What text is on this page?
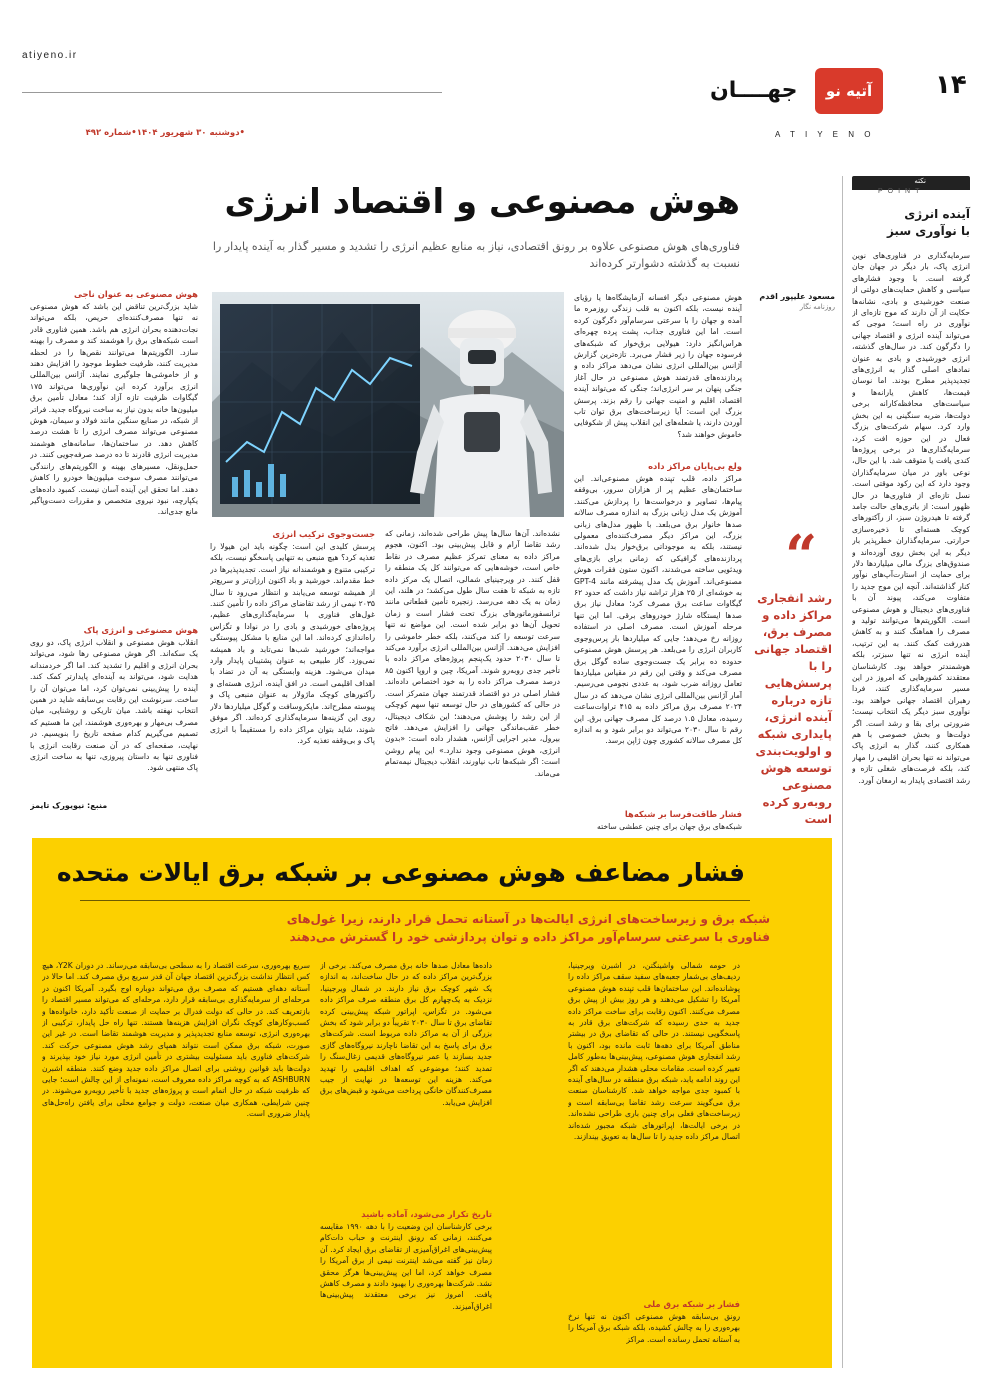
atiyeno.ir
•دوشنبه ۳۰ شهریور ۱۴۰۴•شماره ۴۹۲
۱۴
آتیه نو
جهــــان
A T I Y E N O
نکته
POINT
آینده انرژی
با نوآوری سبز
سرمایه‌گذاری در فناوری‌های نوین انرژی پاک، بار دیگر در جهان جان گرفته است. با وجود فشارهای سیاسی و کاهش حمایت‌های دولتی از صنعت خورشیدی و بادی، نشانه‌ها حکایت از آن دارند که موج تازه‌ای از نوآوری در راه است؛ موجی که می‌تواند آینده انرژی و اقتصاد جهانی را دگرگون کند. در سال‌های گذشته، انرژی خورشیدی و بادی به عنوان نمادهای اصلی گذار به انرژی‌های تجدیدپذیر مطرح بودند. اما نوسان قیمت‌ها، کاهش یارانه‌ها و سیاست‌های محافظه‌کارانه برخی دولت‌ها، ضربه سنگینی به این بخش وارد کرد. سهام شرکت‌های بزرگ فعال در این حوزه افت کرد، سرمایه‌گذاری‌ها در برخی پروژه‌ها کندی یافت یا متوقف شد. با این حال، نوعی باور در میان سرمایه‌گذاران وجود دارد که این رکود موقتی است. نسل تازه‌ای از فناوری‌ها در حال ظهور است: از باتری‌های حالت جامد گرفته تا هیدروژن سبز، از رآکتورهای کوچک هسته‌ای تا ذخیره‌سازی حرارتی. سرمایه‌گذاران خطرپذیر بار دیگر به این بخش روی آورده‌اند و صندوق‌های بزرگ مالی میلیاردها دلار برای حمایت از استارت‌آپ‌های نوآور کنار گذاشته‌اند. آنچه این موج جدید را متفاوت می‌کند، پیوند آن با فناوری‌های دیجیتال و هوش مصنوعی است. الگوریتم‌ها می‌توانند تولید و مصرف را هماهنگ کنند و به کاهش هدررفت کمک کنند. به این ترتیب، آینده انرژی نه تنها سبزتر، بلکه هوشمندتر خواهد بود. کارشناسان معتقدند کشورهایی که امروز در این مسیر سرمایه‌گذاری کنند، فردا رهبران اقتصاد جهانی خواهند بود. نوآوری سبز دیگر یک انتخاب نیست؛ ضرورتی برای بقا و رشد است. اگر دولت‌ها و بخش خصوصی با هم همکاری کنند، گذار به انرژی پاک می‌تواند نه تنها بحران اقلیمی را مهار کند، بلکه فرصت‌های شغلی تازه و رشد اقتصادی پایدار به ارمغان آورد.
هوش مصنوعی و اقتصاد انرژی
فناوری‌های هوش مصنوعی علاوه بر رونق اقتصادی، نیاز به منابع عظیم انرژی را تشدید و مسیر گذار به آینده پایدار را نسبت به گذشته دشوارتر کرده‌اند
مسعود علیپور اقدم
روزنامه نگار
“
رشد انفجاری مراکز داده و مصرف برق، اقتصاد جهانی را با پرسش‌هایی تازه درباره آینده انرژی، پایداری شبکه و اولویت‌بندی توسعه هوش مصنوعی روبه‌رو کرده است
هوش مصنوعی دیگر افسانه آزمایشگاه‌ها یا رؤیای آینده نیست، بلکه اکنون به قلب زندگی روزمره ما آمده و جهان را با سرعتی سرسام‌آور دگرگون کرده است. اما این فناوری جذاب، پشت پرده چهره‌ای هراس‌انگیز دارد: هیولایی برق‌خوار که شبکه‌های فرسوده جهان را زیر فشار می‌برد. تازه‌ترین گزارش آژانس بین‌المللی انرژی نشان می‌دهد مراکز داده و پردازنده‌های قدرتمند هوش مصنوعی در حال آغاز جنگی پنهان بر سر انرژی‌اند؛ جنگی که می‌تواند آینده اقتصاد، اقلیم و امنیت جهانی را رقم بزند. پرسش بزرگ این است: آیا زیرساخت‌های برق توان تاب آوردن دارند، یا شعله‌های این انقلاب پیش از شکوفایی خاموش خواهند شد؟
ولع بی‌پایان مراکز داده
مراکز داده، قلب تپنده هوش مصنوعی‌اند. این ساختمان‌های عظیم پر از هزاران سرور، بی‌وقفه پیام‌ها، تصاویر و درخواست‌ها را پردازش می‌کنند. آموزش یک مدل زبانی بزرگ به اندازه مصرف سالانه صدها خانوار برق می‌بلعد. با ظهور مدل‌های زبانی بزرگ، این مراکز دیگر مصرف‌کننده‌ای معمولی نیستند، بلکه به موجوداتی برق‌خوار بدل شده‌اند. پردازنده‌های گرافیکی که زمانی برای بازی‌های ویدئویی ساخته می‌شدند، اکنون ستون فقرات هوش مصنوعی‌اند. آموزش یک مدل پیشرفته مانند GPT-4 به خوشه‌ای از ۲۵ هزار تراشه نیاز داشت که حدود ۶۲ گیگاوات ساعت برق مصرف کرد؛ معادل نیاز برق صدها ایستگاه شارژ خودروهای برقی. اما این تنها مرحله آموزش است. مصرف اصلی در استفاده روزانه رخ می‌دهد؛ جایی که میلیاردها بار پرس‌وجوی کاربران انرژی را می‌بلعد. هر پرسش هوش مصنوعی حدوده ده برابر یک جست‌وجوی ساده گوگل برق مصرف می‌کند و وقتی این رقم در مقیاس میلیاردها تعامل روزانه ضرب شود، به عددی نجومی می‌رسیم. آمار آژانس بین‌المللی انرژی نشان می‌دهد که در سال ۲۰۲۴ مصرف برق مراکز داده به ۴۱۵ تراوات‌ساعت رسیده، معادل ۱.۵ درصد کل مصرف جهانی برق. این رقم تا سال ۲۰۳۰ می‌تواند دو برابر شود و به اندازه کل مصرف سالانه کشوری چون ژاپن برسد.
فشار طاقت‌فرسا بر شبکه‌ها
شبکه‌های برق جهان برای چنین عطشی ساخته
نشده‌اند. آن‌ها سال‌ها پیش طراحی شده‌اند، زمانی که رشد تقاضا آرام و قابل پیش‌بینی بود. اکنون، هجوم مراکز داده به معنای تمرکز عظیم مصرف در نقاط خاص است، خوشه‌هایی که می‌توانند کل یک منطقه را قفل کنند. در ویرجینیای شمالی، اتصال یک مرکز داده تازه به شبکه تا هفت سال طول می‌کشد؛ در هلند، این زمان به یک دهه می‌رسد. زنجیره تأمین قطعاتی مانند ترانسفورماتورهای بزرگ تحت فشار است و زمان تحویل آن‌ها دو برابر شده است. این مواضع نه تنها سرعت توسعه را کند می‌کنند، بلکه خطر خاموشی را افزایش می‌دهند. آژانس بین‌المللی انرژی برآورد می‌کند تا سال ۲۰۳۰ حدود یک‌پنجم پروژه‌های مراکز داده با تأخیر جدی روبه‌رو شوند. آمریکا، چین و اروپا اکنون ۸۵ درصد مصرف مراکز داده را به خود اختصاص داده‌اند. فشار اصلی در دو اقتصاد قدرتمند جهان متمرکز است. در حالی که کشورهای در حال توسعه تنها سهم کوچکی از این رشد را پوشش می‌دهند؛ این شکاف دیجیتال، خطر عقب‌ماندگی جهانی را افزایش می‌دهد. فاتح بیرول، مدیر اجرایی آژانس، هشدار داده است: «بدون انرژی، هوش مصنوعی وجود ندارد.» این پیام روشن است: اگر شبکه‌ها تاب نیاورند، انقلاب دیجیتال نیمه‌تمام می‌ماند.
جست‌وجوی ترکیب انرژی
پرسش کلیدی این است: چگونه باید این هیولا را تغذیه کرد؟ هیچ منبعی به تنهایی پاسخگو نیست، بلکه ترکیبی متنوع و هوشمندانه نیاز است. تجدیدپذیرها در خط مقدم‌اند. خورشید و باد اکنون ارزان‌تر و سریع‌تر از همیشه توسعه می‌یابند و انتظار می‌رود تا سال ۲۰۳۵ نیمی از رشد تقاضای مراکز داده را تأمین کنند. غول‌های فناوری با سرمایه‌گذاری‌های عظیم، پروژه‌های خورشیدی و بادی را در نوادا و تگزاس راه‌اندازی کرده‌اند. اما این منابع با مشکل پیوستگی مواجه‌اند؛ خورشید شب‌ها نمی‌تابد و باد همیشه نمی‌وزد. گاز طبیعی به عنوان پشتیبان پایدار وارد میدان می‌شود. هزینه وابستگی به آن در تضاد با اهداف اقلیمی است. در افق آینده، انرژی هسته‌ای و رآکتورهای کوچک ماژولار به عنوان منبعی پاک و پیوسته مطرح‌اند. مایکروسافت و گوگل میلیاردها دلار روی این گزینه‌ها سرمایه‌گذاری کرده‌اند. اگر موفق شوند، شاید بتوان مراکز داده را مستقیماً با انرژی پاک و بی‌وقفه تغذیه کرد.
هوش مصنوعی به عنوان ناجی
شاید بزرگ‌ترین تناقض این باشد که هوش مصنوعی نه تنها مصرف‌کننده‌ای حریص، بلکه می‌تواند نجات‌دهنده بحران انرژی هم باشد. همین فناوری قادر است شبکه‌های برق را هوشمند کند و مصرف را بهینه سازد. الگوریتم‌ها می‌توانند نقص‌ها را در لحظه مدیریت کنند، ظرفیت خطوط موجود را افزایش دهند و از خاموشی‌ها جلوگیری نمایند. آژانس بین‌المللی انرژی برآورد کرده این نوآوری‌ها می‌تواند ۱۷۵ گیگاوات ظرفیت تازه آزاد کند؛ معادل تأمین برق میلیون‌ها خانه بدون نیاز به ساخت نیروگاه جدید. فراتر از شبکه، در صنایع سنگین مانند فولاد و سیمان، هوش مصنوعی می‌تواند مصرف انرژی را تا هشت درصد کاهش دهد. در ساختمان‌ها، سامانه‌های هوشمند مدیریت انرژی قادرند تا ده درصد صرفه‌جویی کنند. در حمل‌ونقل، مسیرهای بهینه و الگوریتم‌های رانندگی می‌توانند مصرف سوخت میلیون‌ها خودرو را کاهش دهند. اما تحقق این آینده آسان نیست. کمبود داده‌های یکپارچه، نبود نیروی متخصص و مقررات دست‌وپاگیر مانع جدی‌اند.
هوش مصنوعی و انرژی پاک
انقلاب هوش مصنوعی و انقلاب انرژی پاک، دو روی یک سکه‌اند. اگر هوش مصنوعی رها شود، می‌تواند بحران انرژی و اقلیم را تشدید کند. اما اگر خردمندانه هدایت شود، می‌تواند به آینده‌ای پایدارتر کمک کند. آینده را پیش‌بینی نمی‌توان کرد، اما می‌توان آن را ساخت. سرنوشت این رقابت بی‌سابقه شاید در همین انتخاب نهفته باشد. میان تاریکی و روشنایی، میان مصرف بی‌مهار و بهره‌وری هوشمند، این ما هستیم که تصمیم می‌گیریم کدام صفحه تاریخ را بنویسیم. در نهایت، صفحه‌ای که در آن صنعت رقابت انرژی با فناوری تنها به داستان پیروزی، تنها به ساخت انرژی پاک منتهی شود.
منبع: نیویورک تایمز
فشار مضاعف هوش مصنوعی بر شبکه برق ایالات متحده
شبکه برق و زیرساخت‌های انرژی ایالت‌ها در آستانه تحمل قرار دارند، زیرا غول‌های فناوری با سرعتی سرسام‌آور مراکز داده و توان پردازشی خود را گسترش می‌دهند
در حومه شمالی واشینگتن، در اشبرن ویرجینیا، ردیف‌های بی‌شمار جعبه‌های سفید سقف مراکز داده را پوشانده‌اند. این ساختمان‌ها قلب تپنده هوش مصنوعی آمریکا را تشکیل می‌دهند و هر روز بیش از پیش برق مصرف می‌کنند. اکنون رقابت برای ساخت مراکز داده جدید به حدی رسیده که شرکت‌های برق قادر به پاسخگویی نیستند. در حالی که تقاضای برق در بیشتر مناطق آمریکا برای دهه‌ها ثابت مانده بود، اکنون با رشد انفجاری هوش مصنوعی، پیش‌بینی‌ها به‌طور کامل تغییر کرده است. مقامات محلی هشدار می‌دهند که اگر این روند ادامه یابد، شبکه برق منطقه در سال‌های آینده با کمبود جدی مواجه خواهد شد. کارشناسان صنعت برق می‌گویند سرعت رشد تقاضا بی‌سابقه است و زیرساخت‌های فعلی برای چنین باری طراحی نشده‌اند. در برخی ایالت‌ها، اپراتورهای شبکه مجبور شده‌اند اتصال مراکز داده جدید را تا سال‌ها به تعویق بیندازند.
فشار بر شبکه برق ملی
رونق بی‌سابقه هوش مصنوعی اکنون نه تنها نرخ بهره‌وری را به چالش کشیده، بلکه شبکه برق آمریکا را به آستانه تحمل رسانده است. مراکز
داده‌ها معادل صدها خانه برق مصرف می‌کند. برخی از بزرگ‌ترین مراکز داده که در حال ساخت‌اند، به اندازه یک شهر کوچک برق نیاز دارند. در شمال ویرجینیا، نزدیک به یک‌چهارم کل برق منطقه صرف مراکز داده می‌شود. در تگزاس، اپراتور شبکه پیش‌بینی کرده تقاضای برق تا سال ۲۰۳۰ تقریباً دو برابر شود که بخش بزرگی از آن به مراکز داده مربوط است. شرکت‌های برق برای پاسخ به این تقاضا ناچارند نیروگاه‌های گازی جدید بسازند یا عمر نیروگاه‌های قدیمی زغال‌سنگ را تمدید کنند؛ موضوعی که اهداف اقلیمی را تهدید می‌کند. هزینه این توسعه‌ها در نهایت از جیب مصرف‌کنندگان خانگی پرداخت می‌شود و قبض‌های برق افزایش می‌یابد.
تاریخ تکرار می‌شود، آماده باشید
برخی کارشناسان این وضعیت را با دهه ۱۹۹۰ مقایسه می‌کنند، زمانی که رونق اینترنت و حباب دات‌کام پیش‌بینی‌های اغراق‌آمیزی از تقاضای برق ایجاد کرد. آن زمان نیز گفته می‌شد اینترنت نیمی از برق آمریکا را مصرف خواهد کرد، اما این پیش‌بینی‌ها هرگز محقق نشد. شرکت‌ها بهره‌وری را بهبود دادند و مصرف کاهش یافت. امروز نیز برخی معتقدند پیش‌بینی‌ها اغراق‌آمیزند.
سریع بهره‌وری، سرعت اقتصاد را به سطحی بی‌سابقه می‌رساند. در دوران Y2K، هیچ کس انتظار نداشت بزرگ‌ترین اقتصاد جهان آن قدر سریع برق مصرف کند. اما حالا در آستانه دهه‌ای هستیم که مصرف برق می‌تواند دوباره اوج بگیرد. آمریکا اکنون در مرحله‌ای از سرمایه‌گذاری بی‌سابقه قرار دارد، مرحله‌ای که می‌تواند مسیر اقتصاد را بازتعریف کند. در حالی که دولت فدرال بر حمایت از صنعت تأکید دارد، خانواده‌ها و کسب‌وکارهای کوچک نگران افزایش هزینه‌ها هستند. تنها راه حل پایدار، ترکیبی از بهره‌وری انرژی، توسعه منابع تجدیدپذیر و مدیریت هوشمند تقاضا است. در غیر این صورت، شبکه برق ممکن است نتواند همپای رشد هوش مصنوعی حرکت کند. شرکت‌های فناوری باید مسئولیت بیشتری در تأمین انرژی مورد نیاز خود بپذیرند و دولت‌ها باید قوانین روشنی برای اتصال مراکز داده جدید وضع کنند. منطقه اشبرن ASHBURN که به کوچه مراکز داده معروف است، نمونه‌ای از این چالش است؛ جایی که ظرفیت شبکه در حال اتمام است و پروژه‌های جدید با تأخیر روبه‌رو می‌شوند. در چنین شرایطی، همکاری میان صنعت، دولت و جوامع محلی برای یافتن راه‌حل‌های پایدار ضروری است.
